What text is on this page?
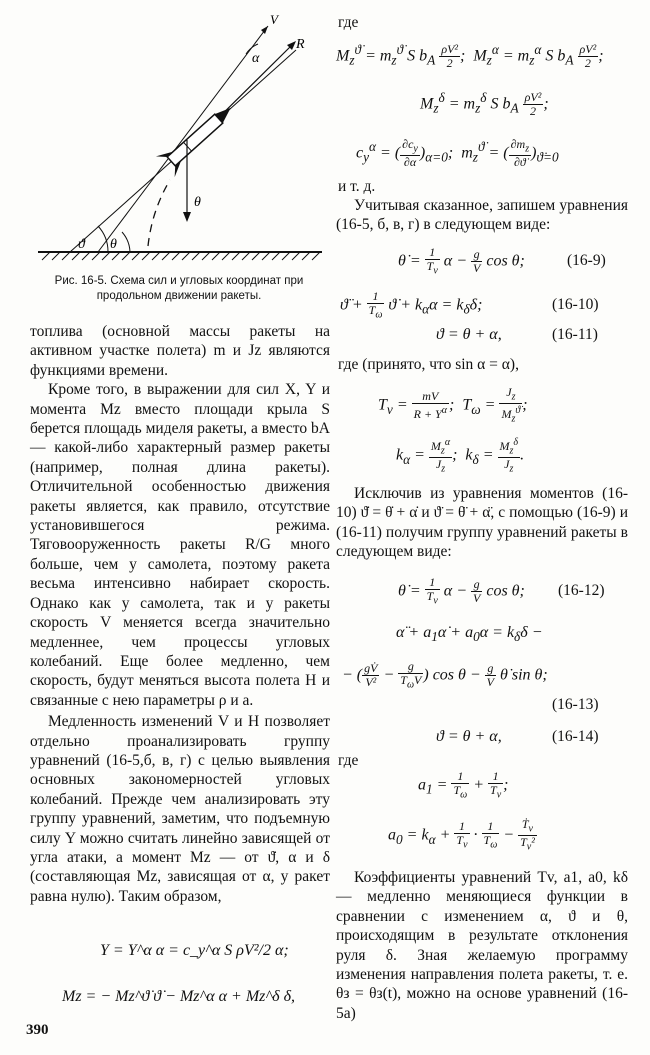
V
R
α
ϑ θ
θ
Рис. 16-5. Схема сил и угловых координат при продольном движении ракеты.

топлива (основной массы ракеты на активном участке полета) m и Jz являются функциями времени.

Кроме того, в выражении для сил X, Y и момента Mz вместо площади крыла S берется площадь миделя ракеты, а вместо bA — какой-либо характерный размер ракеты (например, полная длина ракеты). Отличительной особенностью движения ракеты является, как правило, отсутствие установившегося режима. Тяговооруженность ракеты R/G много больше, чем у самолета, поэтому ракета весьма интенсивно набирает скорость. Однако как у самолета, так и у ракеты скорость V меняется всегда значительно медленнее, чем процессы угловых колебаний. Еще более медленно, чем скорость, будут меняться высота полета H и связанные с нею параметры ρ и a.

Медленность изменений V и H позволяет отдельно проанализировать группу уравнений (16-5,б, в, г) с целью выявления основных закономерностей угловых колебаний. Прежде чем анализировать эту группу уравнений, заметим, что подъемную силу Y можно считать линейно зависящей от угла атаки, а момент Mz — от ϑ̇, α и δ (составляющая Mz, зависящая от α, у ракет равна нулю). Таким образом,

Y = Y^α α = c_y^α S ρV²/2 α;
Mz = − Mz^ϑ̇ ϑ̇ − Mz^α α + Mz^δ δ,
390
где
$M_z^{ϑ̇} = m_z^{ϑ̇}$ S $b_A \frac{\text{ρV²}}{2}$ ;  $M_z^\alpha = m_z^\alpha$ S $b_A \frac{\text{ρV²}}{2}$ ;
$M_z^\delta = m_z^\delta$ S $b_A \frac{\text{ρV²}}{2}$ ;
$c_y^\alpha$ = ( $\frac{\partial c_y}{\partial\alpha} )_{\alpha=0}$;  $m_z^{ϑ̇}$ = ( $\frac{\partial m_z}{\partial ϑ̇} )_{ϑ̇=0}$
и т. д.

Учитывая сказанное, запишем уравнения (16-5, б, в, г) в следующем виде:

θ̇ = $\frac{1}{T_v}$ $\alpha - \frac{g}{V}$ cos θ;	(16-9)
ϑ̈ + $\frac{1}{T_\omega}$ ϑ̇ + $k_\alpha\alpha = k_\delta\delta$;	(16-10)
ϑ = θ + α,	(16-11)
где (принято, что sin α = α),
$T_v = \frac{mV}{R + Y^\alpha}$ ;  $T_\omega = \frac{J_z}{M_z^{ϑ̇}}$ ;
$k_\alpha = \frac{M_z^\alpha}{J_z}$ ;  $k_\delta = \frac{M_z^\delta}{J_z}$ .

Исключив из уравнения моментов (16-10) ϑ̇ = θ̇ + α̇ и ϑ̈ = θ̈ + α̈, с помощью (16-9) и (16-11) получим группу уравнений ракеты в следующем виде:

θ̇ = $\frac{1}{T_v}$ $\alpha - \frac{g}{V}$ cos θ; (16-12)
α̈ + $a_1\alphȧ + a_0\alpha = k_\delta\delta$ −
− ( $\frac{gV̇}{\text{V²}} - \frac{g}{T_\omega V}$ ) $\cos \theta - \frac{g}{V}$ θ̇ sin θ;
(16-13)
ϑ = θ + α,	(16-14)
где
$a_1 = \frac{1}{T_\omega} + \frac{1}{T_v}$ ;
$a_0 = k_\alpha + \frac{1}{T_v} \cdot \frac{1}{T_\omega} - \frac{Ṫ_v}{T_v^2}$

Коэффициенты уравнений Tv, a1, a0, kδ — медленно меняющиеся функции в сравнении с изменением α, ϑ и θ, происходящим в результате отклонения руля δ. Зная желаемую программу изменения направления полета ракеты, т. е. θз = θз(t), можно на основе уравнений (16-5а)
